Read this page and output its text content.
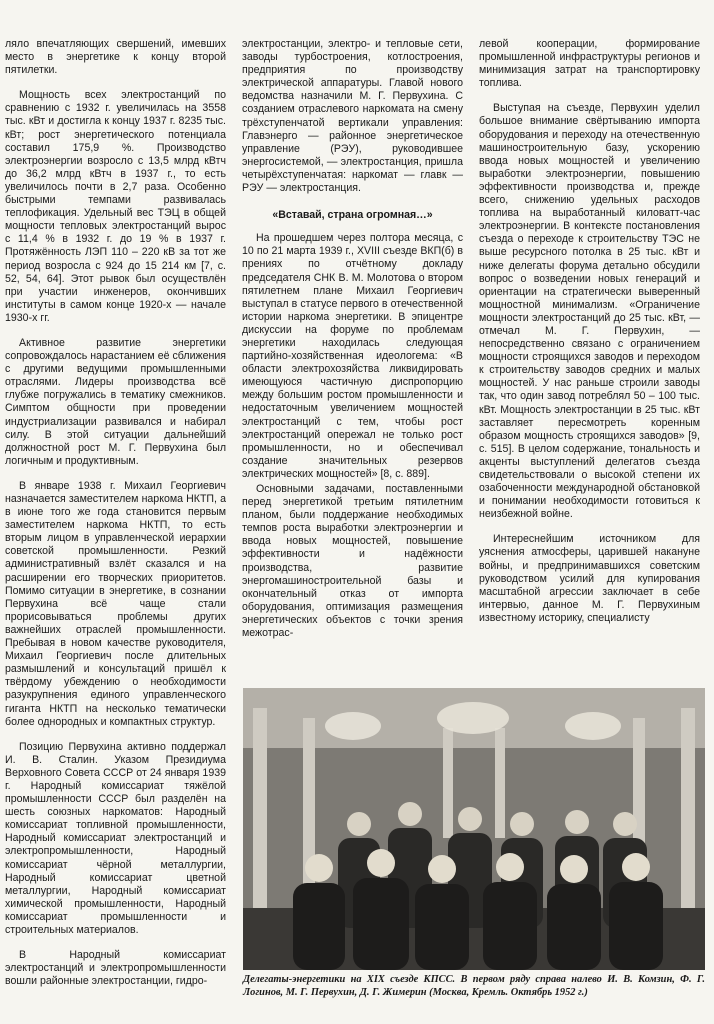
ляло впечатляющих свершений, имевших место в энергетике к концу второй пятилетки.

Мощность всех электростанций по сравнению с 1932 г. увеличилась на 3558 тыс. кВт и достигла к концу 1937 г. 8235 тыс. кВт; рост энергетического потенциала составил 175,9 %. Производство электроэнергии возросло с 13,5 млрд кВтч до 36,2 млрд кВтч в 1937 г., то есть увеличилось почти в 2,7 раза. Особенно быстрыми темпами развивалась теплофикация. Удельный вес ТЭЦ в общей мощности тепловых электростанций вырос с 11,4 % в 1932 г. до 19 % в 1937 г. Протяжённость ЛЭП 110 – 220 кВ за тот же период возросла с 924 до 15 214 км [7, с. 52, 54, 64]. Этот рывок был осуществлён при участии инженеров, окончивших институты в самом конце 1920-х — начале 1930-х гг.

Активное развитие энергетики сопровождалось нарастанием её сближения с другими ведущими промышленными отраслями. Лидеры производства всё глубже погружались в тематику смежников. Симптом общности при проведении индустриализации развивался и набирал силу. В этой ситуации дальнейший должностной рост М. Г. Первухина был логичным и продуктивным.

В январе 1938 г. Михаил Георгиевич назначается заместителем наркома НКТП, а в июне того же года становится первым заместителем наркома НКТП, то есть вторым лицом в управленческой иерархии советской промышленности. Резкий административный взлёт сказался и на расширении его творческих приоритетов. Помимо ситуации в энергетике, в сознании Первухина всё чаще стали прорисовываться проблемы других важнейших отраслей промышленности. Пребывая в новом качестве руководителя, Михаил Георгиевич после длительных размышлений и консультаций пришёл к твёрдому убеждению о необходимости разукрупнения единого управленческого гиганта НКТП на несколько тематически более однородных и компактных структур.

Позицию Первухина активно поддержал И. В. Сталин. Указом Президиума Верховного Совета СССР от 24 января 1939 г. Народный комиссариат тяжёлой промышленности СССР был разделён на шесть союзных наркоматов: Народный комиссариат топливной промышленности, Народный комиссариат электростанций и электропромышленности, Народный комиссариат чёрной металлургии, Народный комиссариат цветной металлургии, Народный комиссариат химической промышленности, Народный комиссариат промышленности и строительных материалов.

В Народный комиссариат электростанций и электропромышленности вошли районные электростанции, гидро-

электростанции, электро- и тепловые сети, заводы турбостроения, котлостроения, предприятия по производству электрической аппаратуры. Главой нового ведомства назначили М. Г. Первухина. С созданием отраслевого наркомата на смену трёхступенчатой вертикали управления: Главэнерго — районное энергетическое управление (РЭУ), руководившее энергосистемой, — электростанция, пришла четырёхступенчатая: наркомат — главк — РЭУ — электростанция.

«Вставай, страна огромная…»

На прошедшем через полтора месяца, с 10 по 21 марта 1939 г., XVIII съезде ВКП(б) в прениях по отчётному докладу председателя СНК В. М. Молотова о втором пятилетнем плане Михаил Георгиевич выступал в статусе первого в отечественной истории наркома энергетики. В эпицентре дискуссии на форуме по проблемам энергетики находилась следующая партийно-хозяйственная идеологема: «В области электрохозяйства ликвидировать имеющуюся частичную диспропорцию между большим ростом промышленности и недостаточным увеличением мощностей электростанций с тем, чтобы рост электростанций опережал не только рост промышленности, но и обеспечивал создание значительных резервов электрических мощностей» [8, с. 889].

Основными задачами, поставленными перед энергетикой третьим пятилетним планом, были поддержание необходимых темпов роста выработки электроэнергии и ввода новых мощностей, повышение эффективности и надёжности производства, развитие энергомашиностроительной базы и окончательный отказ от импорта оборудования, оптимизация размещения энергетических объектов с точки зрения межотрас-

левой кооперации, формирование промышленной инфраструктуры регионов и минимизация затрат на транспортировку топлива.

Выступая на съезде, Первухин уделил большое внимание свёртыванию импорта оборудования и переходу на отечественную машиностроительную базу, ускорению ввода новых мощностей и увеличению выработки электроэнергии, повышению эффективности производства и, прежде всего, снижению удельных расходов топлива на выработанный киловатт-час электроэнергии. В контексте постановления съезда о переходе к строительству ТЭС не выше ресурсного потолка в 25 тыс. кВт и ниже делегаты форума детально обсудили вопрос о возведении новых генераций и ориентации на стратегически выверенный мощностной минимализм. «Ограничение мощности электростанций до 25 тыс. кВт, — отмечал М. Г. Первухин, — непосредственно связано с ограничением мощности строящихся заводов и переходом к строительству заводов средних и малых мощностей. У нас раньше строили заводы так, что один завод потреблял 50 – 100 тыс. кВт. Мощность электростанции в 25 тыс. кВт заставляет пересмотреть коренным образом мощность строящихся заводов» [9, с. 515]. В целом содержание, тональность и акценты выступлений делегатов съезда свидетельствовали о высокой степени их озабоченности международной обстановкой и понимании необходимости готовиться к неизбежной войне.

Интереснейшим источником для уяснения атмосферы, царившей накануне войны, и предпринимавшихся советским руководством усилий для купирования масштабной агрессии заключает в себе интервью, данное М. Г. Первухиным известному историку, специалисту

Делегаты-энергетики на XIX съезде КПСС. В первом ряду справа налево И. В. Комзин, Ф. Г. Логинов, М. Г. Первухин, Д. Г. Жимерин (Москва, Кремль. Октябрь 1952 г.)
